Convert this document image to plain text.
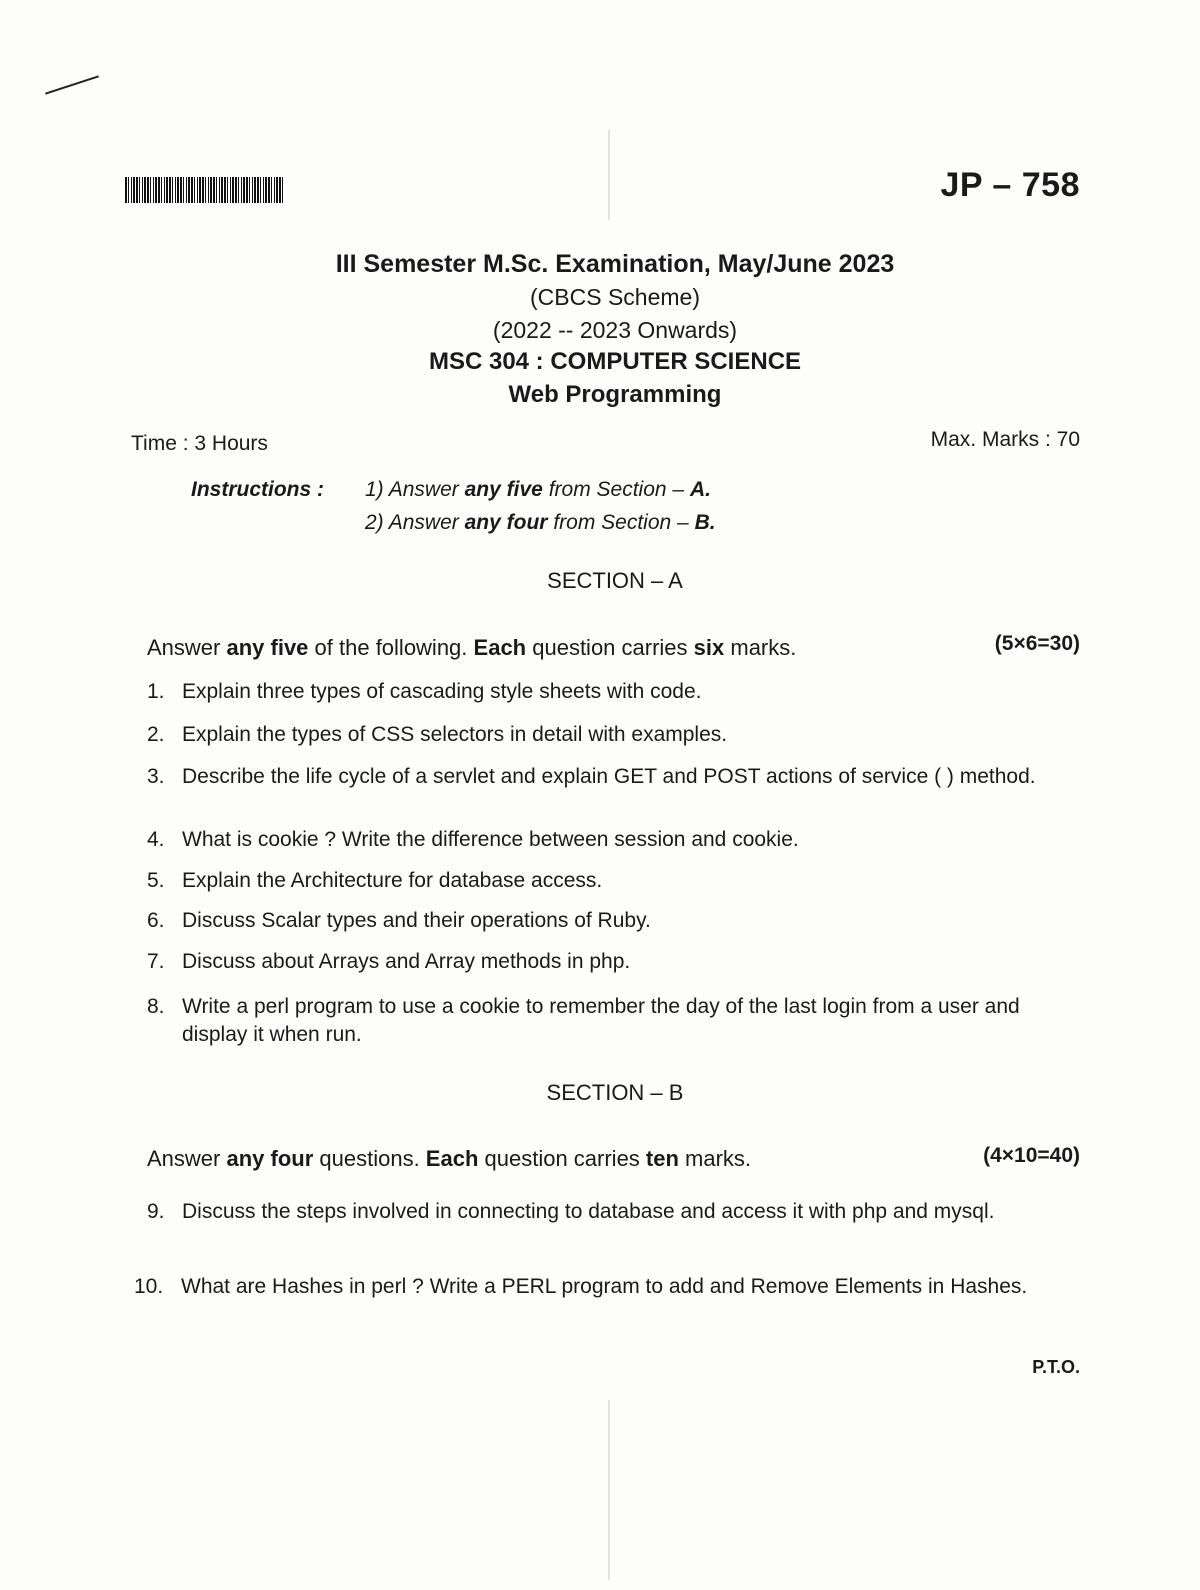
JP – 758
III Semester M.Sc. Examination, May/June 2023
(CBCS Scheme)
(2022 -- 2023 Onwards)
MSC 304 : COMPUTER SCIENCE
Web Programming
Time : 3 Hours	Max. Marks : 70
Instructions : 1) Answer any five from Section – A.
2) Answer any four from Section – B.
SECTION – A
Answer any five of the following. Each question carries six marks.	(5×6=30)
1. Explain three types of cascading style sheets with code.
2. Explain the types of CSS selectors in detail with examples.
3. Describe the life cycle of a servlet and explain GET and POST actions of service ( ) method.
4. What is cookie ? Write the difference between session and cookie.
5. Explain the Architecture for database access.
6. Discuss Scalar types and their operations of Ruby.
7. Discuss about Arrays and Array methods in php.
8. Write a perl program to use a cookie to remember the day of the last login from a user and display it when run.
SECTION – B
Answer any four questions. Each question carries ten marks.	(4×10=40)
9. Discuss the steps involved in connecting to database and access it with php and mysql.
10. What are Hashes in perl ? Write a PERL program to add and Remove Elements in Hashes.
P.T.O.
